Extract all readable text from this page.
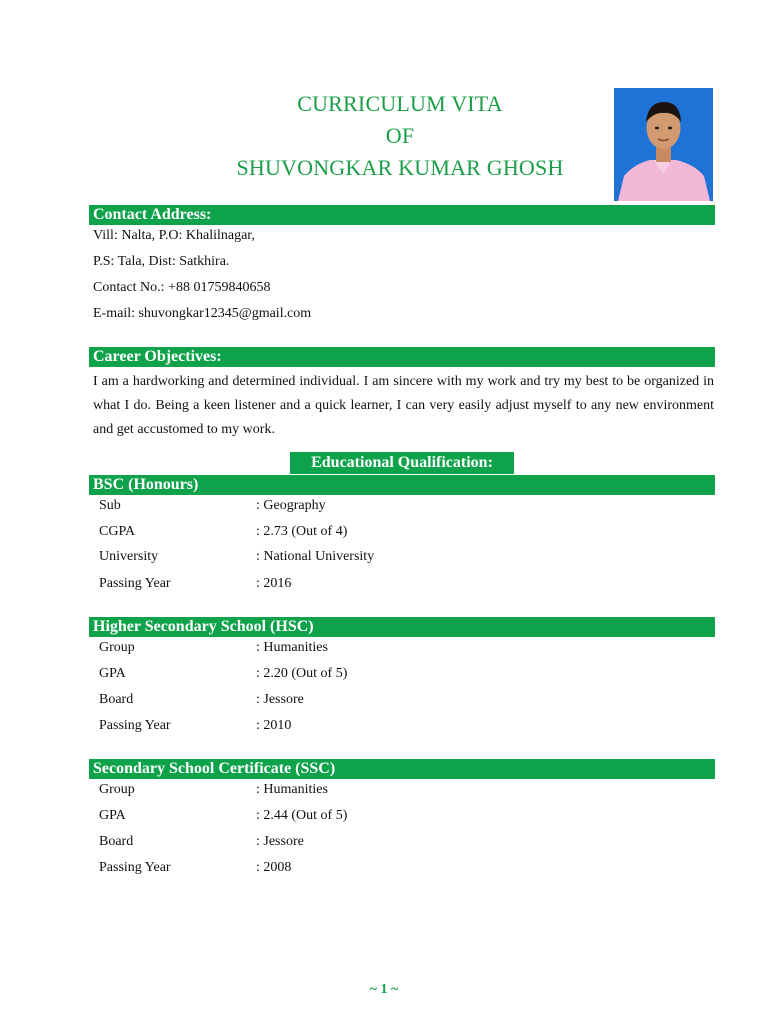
CURRICULUM VITA
OF
SHUVONGKAR KUMAR GHOSH
Contact Address:
Vill: Nalta, P.O: Khalilnagar,
P.S: Tala, Dist: Satkhira.
Contact No.: +88 01759840658
E-mail: shuvongkar12345@gmail.com
Career Objectives:
I am a hardworking and determined individual. I am sincere with my work and try my best to be organized in what I do. Being a keen listener and a quick learner, I can very easily adjust myself to any new environment and get accustomed to my work.
Educational Qualification:
BSC (Honours)
Sub	: Geography
CGPA	: 2.73 (Out of 4)
University	: National University
Passing Year	: 2016
Higher Secondary School (HSC)
Group	: Humanities
GPA	: 2.20 (Out of 5)
Board	: Jessore
Passing Year	: 2010
Secondary School Certificate (SSC)
Group	: Humanities
GPA	: 2.44 (Out of 5)
Board	: Jessore
Passing Year	: 2008
~ 1 ~
